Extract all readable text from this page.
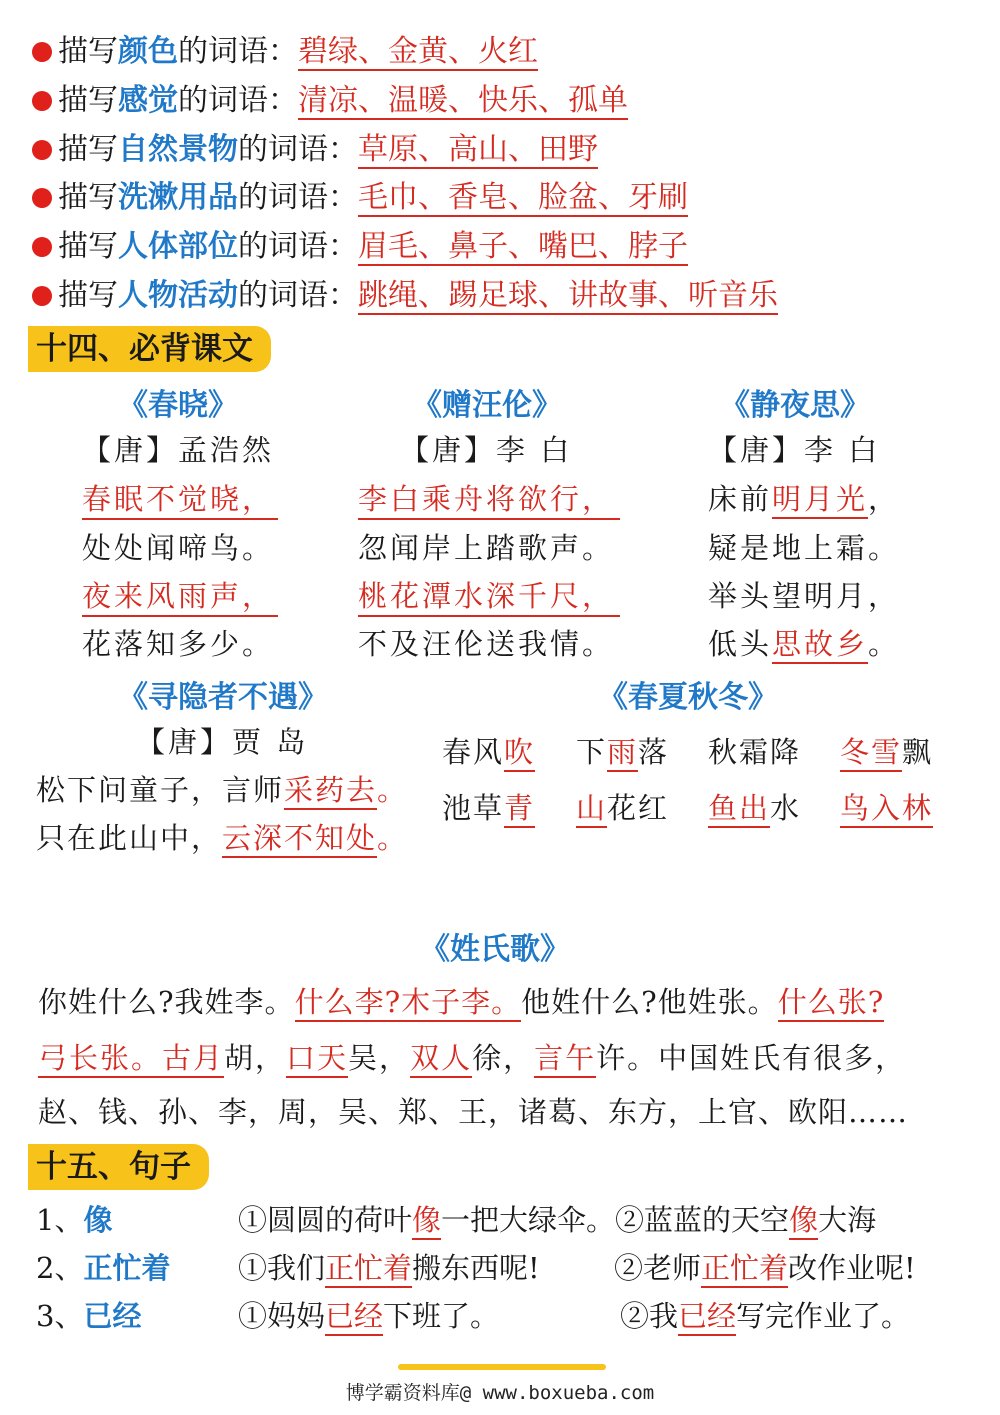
描写颜色的词语：碧绿、金黄、火红
描写感觉的词语：清凉、温暖、快乐、孤单
描写自然景物的词语：草原、高山、田野
描写洗漱用品的词语：毛巾、香皂、脸盆、牙刷
描写人体部位的词语：眉毛、鼻子、嘴巴、脖子
描写人物活动的词语：跳绳、踢足球、讲故事、听音乐
十四、必背课文
《春晓》
【唐】孟浩然
春眠不觉晓，
处处闻啼鸟。
夜来风雨声，
花落知多少。
《赠汪伦》
【唐】李 白
李白乘舟将欲行，
忽闻岸上踏歌声。
桃花潭水深千尺，
不及汪伦送我情。
《静夜思》
【唐】李 白
床前明月光，
疑是地上霜。
举头望明月，
低头思故乡。
《寻隐者不遇》
【唐】贾 岛
松下问童子，言师采药去。
只在此山中，云深不知处。
《春夏秋冬》
春风吹 下雨落 秋霜降 冬雪飘
池草青 山花红 鱼出水 鸟入林
《姓氏歌》
你姓什么?我姓李。什么李?木子李。他姓什么?他姓张。什么张?
弓长张。古月胡，口天吴，双人徐，言午许。中国姓氏有很多，
赵、钱、孙、李，周，吴、郑、王，诸葛、东方，上官、欧阳……
十五、句子
1、像	①圆圆的荷叶像一把大绿伞。②蓝蓝的天空像大海
2、正忙着 ①我们正忙着搬东西呢!	②老师正忙着改作业呢!
3、已经	①妈妈已经下班了。	②我已经写完作业了。
博学霸资料库@ www.boxueba.com
